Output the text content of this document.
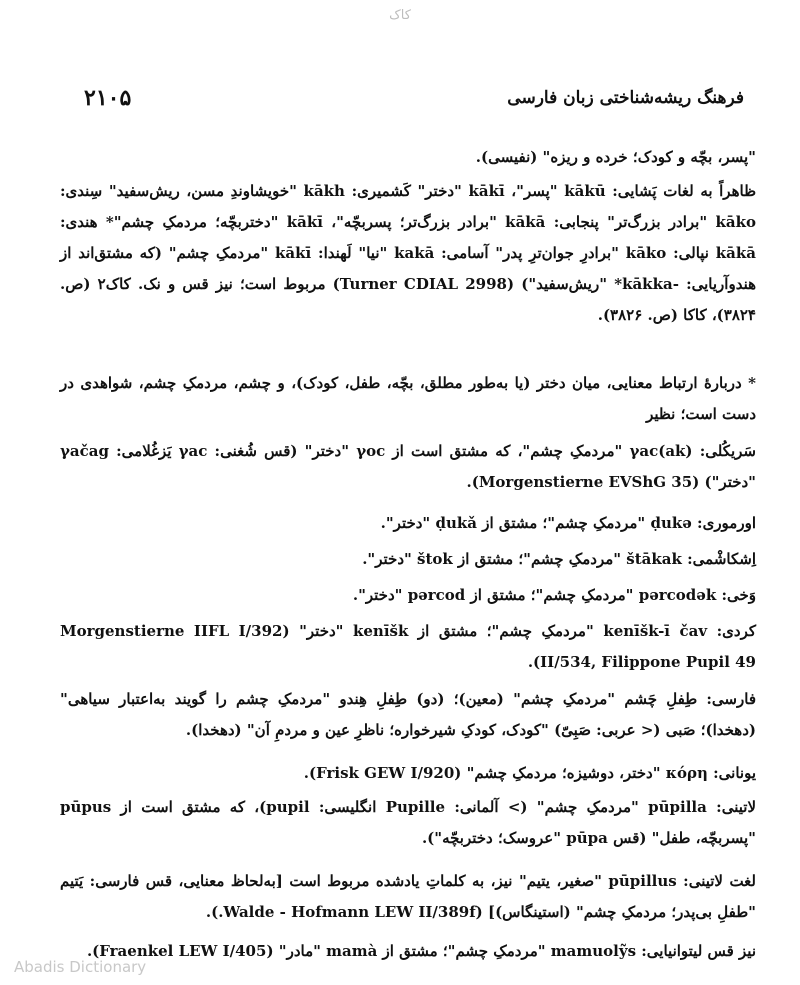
کاک
فرهنگ ریشه‌شناختی زبان فارسی
۲۱۰۵

"پسر، بچّه و کودک؛ خرده و ریزه" (نفیسی).

ظاهراً به لغات پَشایی: kākū "پسر"، kākī "دختر" کَشمیری: kākh "خویشاوندِ مسن، ریش‌سفید" سِندی: kāko "برادر بزرگ‌تر" پنجابی: kākā "برادر بزرگ‌تر؛ پسربچّه"، kākī "دختربچّه؛ مردمکِ چشم"* هندی: kākā نپالی: kāko "برادرِ جوان‌ترِ پدر" آسامی: kakā "نیا" لَهندا: kākī "مردمکِ چشم" (که مشتق‌اند از هندوآریایی: -kākka* "ریش‌سفید") (Turner CDIAL 2998) مربوط است؛ نیز قس و نک. کاک۲ (ص. ۳۸۲۴)، کاکا (ص. ۳۸۲۶).

* دربارهٔ ارتباط معنایی، میان دختر (یا به‌طور مطلق، بچّه، طفل، کودک)، و چشم، مردمکِ چشم، شواهدی در دست است؛ نظیر

سَریکُلی: γac(ak) "مردمکِ چشم"، که مشتق است از γoc "دختر" (قس شُغنی: γac یَزغُلامی: γačag "دختر") (Morgenstierne EVShG 35).

اورموری: ḍukə "مردمکِ چشم"؛ مشتق از ḍukǎ "دختر".

اِشکاشْمی: štākak "مردمکِ چشم"؛ مشتق از štok "دختر".

وَخی: pərcodək "مردمکِ چشم"؛ مشتق از pərcod "دختر".

کردی: kenīšk-ī čav "مردمکِ چشم"؛ مشتق از kenīšk "دختر" (Morgenstierne IIFL I/392 II/534, Filippone Pupil 49).

فارسی: طِفلِ چَشم "مردمکِ چشم" (معین)؛ (دو) طِفلِ هِندو "مردمکِ چشم را گویند به‌اعتبار سیاهی" (دهخدا)؛ صَبی (< عربی: صَبِیّ) "کودک، کودکِ شیرخواره؛ ناظرِ عین و مردمِ آن" (دهخدا).

یونانی: κόρη "دختر، دوشیزه؛ مردمکِ چشم" (Frisk GEW I/920).

لاتینی: pūpilla "مردمکِ چشم" (> آلمانی: Pupille انگلیسی: pupil)، که مشتق است از pūpus "پسربچّه، طفل" (قس pūpa "عروسک؛ دختربچّه").

لغت لاتینی: pūpillus "صغیر، یتیم" نیز، به کلماتِ یادشده مربوط است [به‌لحاظ معنایی، قس فارسی: یَتیم "طفلِ بی‌پدر؛ مردمکِ چشم" (استینگاس)] (Walde - Hofmann LEW II/389f.).

نیز قس لیتوانیایی: mamuolỹs "مردمکِ چشم"؛ مشتق از mamà "مادر" (Fraenkel LEW I/405).

Abadis Dictionary
